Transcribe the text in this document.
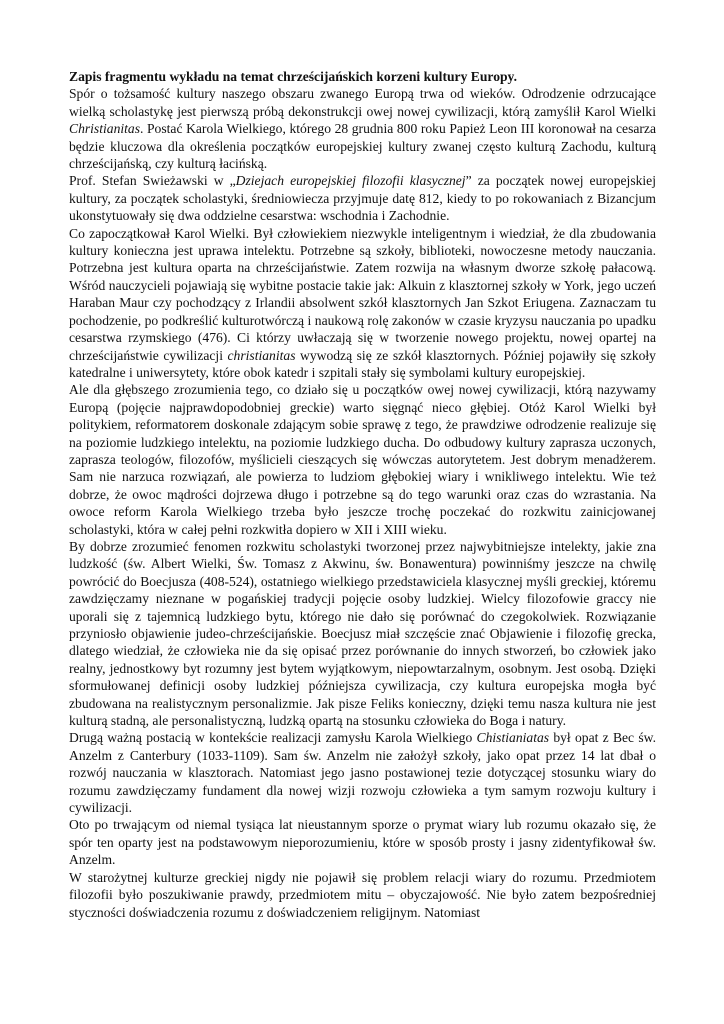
Zapis fragmentu wykładu na temat chrześcijańskich korzeni kultury Europy.

Spór o tożsamość kultury naszego obszaru zwanego Europą trwa od wieków. Odrodzenie odrzucające wielką scholastykę jest pierwszą próbą dekonstrukcji owej nowej cywilizacji, którą zamyślił Karol Wielki Christianitas. Postać Karola Wielkiego, którego 28 grudnia 800 roku Papież Leon III koronował na cesarza będzie kluczowa dla określenia początków europejskiej kultury zwanej często kulturą Zachodu, kulturą chrześcijańską, czy kulturą łacińską.

Prof. Stefan Swieżawski w „Dziejach europejskiej filozofii klasycznej” za początek nowej europejskiej kultury, za początek scholastyki, średniowiecza przyjmuje datę 812, kiedy to po rokowaniach z Bizancjum ukonstytuowały się dwa oddzielne cesarstwa: wschodnia i Zachodnie.

Co zapoczątkował Karol Wielki. Był człowiekiem niezwykle inteligentnym i wiedział, że dla zbudowania kultury konieczna jest uprawa intelektu. Potrzebne są szkoły, biblioteki, nowoczesne metody nauczania. Potrzebna jest kultura oparta na chrześcijaństwie. Zatem rozwija na własnym dworze szkołę pałacową. Wśród nauczycieli pojawiają się wybitne postacie takie jak: Alkuin z klasztornej szkoły w York, jego uczeń Haraban Maur czy pochodzący z Irlandii absolwent szkół klasztornych Jan Szkot Eriugena. Zaznaczam tu pochodzenie, po podkreślić kulturotwórczą i naukową rolę zakonów w czasie kryzysu nauczania po upadku cesarstwa rzymskiego (476). Ci którzy uwłaczają się w tworzenie nowego projektu, nowej opartej na chrześcijaństwie cywilizacji christianitas wywodzą się ze szkół klasztornych. Później pojawiły się szkoły katedralne i uniwersytety, które obok katedr i szpitali stały się symbolami kultury europejskiej.

Ale dla głębszego zrozumienia tego, co działo się u początków owej nowej cywilizacji, którą nazywamy Europą (pojęcie najprawdopodobniej greckie) warto sięgnąć nieco głębiej. Otóż Karol Wielki był politykiem, reformatorem doskonale zdającym sobie sprawę z tego, że prawdziwe odrodzenie realizuje się na poziomie ludzkiego intelektu, na poziomie ludzkiego ducha. Do odbudowy kultury zaprasza uczonych, zaprasza teologów, filozofów, myślicieli cieszących się wówczas autorytetem. Jest dobrym menadżerem. Sam nie narzuca rozwiązań, ale powierza to ludziom głębokiej wiary i wnikliwego intelektu. Wie też dobrze, że owoc mądrości dojrzewa długo i potrzebne są do tego warunki oraz czas do wzrastania. Na owoce reform Karola Wielkiego trzeba było jeszcze trochę poczekać do rozkwitu zainicjowanej scholastyki, która w całej pełni rozkwitła dopiero w XII i XIII wieku.

By dobrze zrozumieć fenomen rozkwitu scholastyki tworzonej przez najwybitniejsze intelekty, jakie zna ludzkość (św. Albert Wielki, Św. Tomasz z Akwinu, św. Bonawentura) powinniśmy jeszcze na chwilę powrócić do Boecjusza (408-524), ostatniego wielkiego przedstawiciela klasycznej myśli greckiej, któremu zawdzięczamy nieznane w pogańskiej tradycji pojęcie osoby ludzkiej. Wielcy filozofowie graccy nie uporali się z tajemnicą ludzkiego bytu, którego nie dało się porównać do czegokolwiek. Rozwiązanie przyniosło objawienie judeo-chrześcijańskie. Boecjusz miał szczęście znać Objawienie i filozofię grecka, dlatego wiedział, że człowieka nie da się opisać przez porównanie do innych stworzeń, bo człowiek jako realny, jednostkowy byt rozumny jest bytem wyjątkowym, niepowtarzalnym, osobnym. Jest osobą. Dzięki sformułowanej definicji osoby ludzkiej późniejsza cywilizacja, czy kultura europejska mogła być zbudowana na realistycznym personalizmie. Jak pisze Feliks konieczny, dzięki temu nasza kultura nie jest kulturą stadną, ale personalistyczną, ludzką opartą na stosunku człowieka do Boga i natury.

Drugą ważną postacią w kontekście realizacji zamysłu Karola Wielkiego Chistianiatas był opat z Bec św. Anzelm z Canterbury (1033-1109). Sam św. Anzelm nie założył szkoły, jako opat przez 14 lat dbał o rozwój nauczania w klasztorach. Natomiast jego jasno postawionej tezie dotyczącej stosunku wiary do rozumu zawdzięczamy fundament dla nowej wizji rozwoju człowieka a tym samym rozwoju kultury i cywilizacji.

Oto po trwającym od niemal tysiąca lat nieustannym sporze o prymat wiary lub rozumu okazało się, że spór ten oparty jest na podstawowym nieporozumieniu, które w sposób prosty i jasny zidentyfikował św. Anzelm.

W starożytnej kulturze greckiej nigdy nie pojawił się problem relacji wiary do rozumu. Przedmiotem filozofii było poszukiwanie prawdy, przedmiotem mitu – obyczajowość. Nie było zatem bezpośredniej styczności doświadczenia rozumu z doświadczeniem religijnym. Natomiast
